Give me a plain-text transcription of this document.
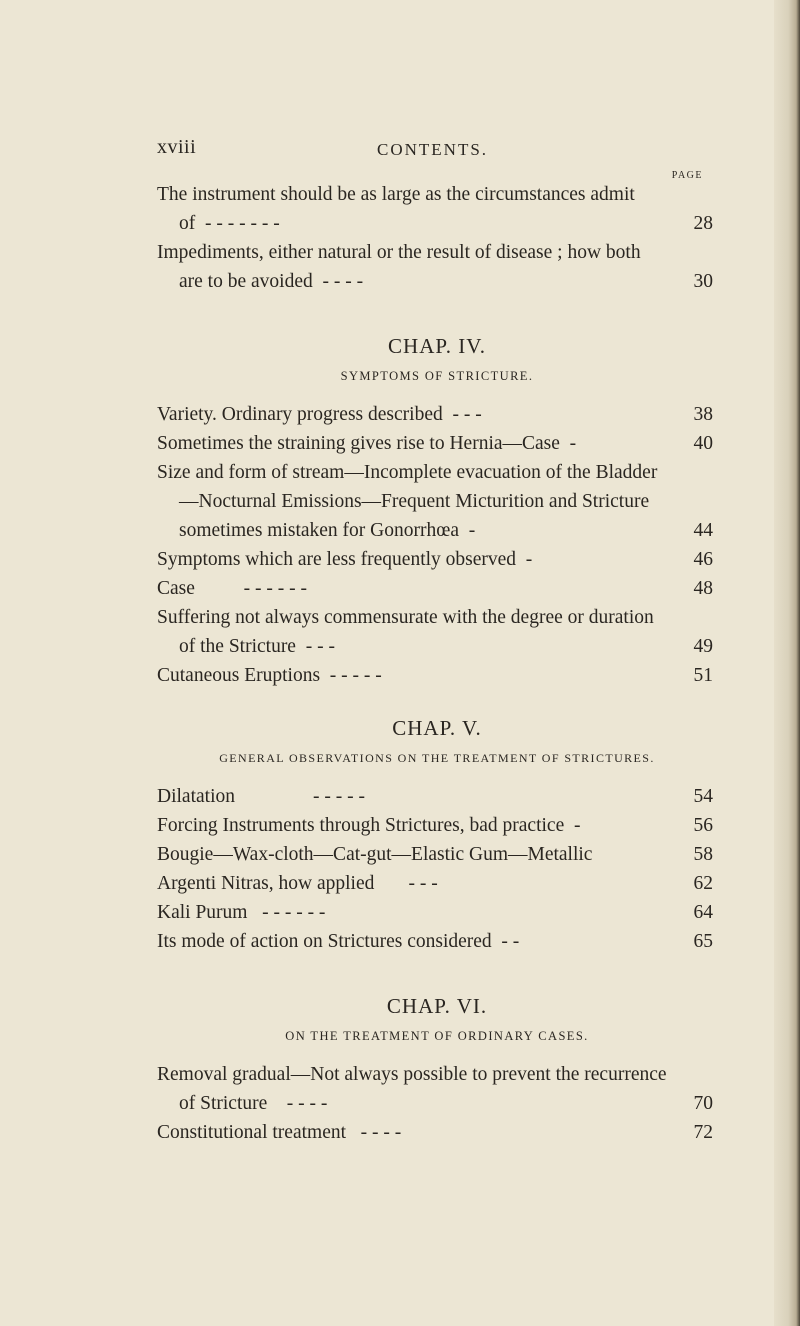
xviii	CONTENTS.
PAGE
The instrument should be as large as the circumstances admit of - - - - - - -	28
Impediments, either natural or the result of disease ; how both are to be avoided - - - -	30
CHAP. IV.
SYMPTOMS OF STRICTURE.
Variety. Ordinary progress described - - -	38
Sometimes the straining gives rise to Hernia—Case -	40
Size and form of stream—Incomplete evacuation of the Bladder—Nocturnal Emissions—Frequent Micturition and Stricture sometimes mistaken for Gonorrhœa -	44
Symptoms which are less frequently observed -	46
Case	- - - - - -	48
Suffering not always commensurate with the degree or duration of the Stricture - - -	49
Cutaneous Eruptions - - - - -	51
CHAP. V.
GENERAL OBSERVATIONS ON THE TREATMENT OF STRICTURES.
Dilatation	- - - - -	54
Forcing Instruments through Strictures, bad practice -	56
Bougie—Wax-cloth—Cat-gut—Elastic Gum—Metallic	58
Argenti Nitras, how applied - - -	62
Kali Purum - - - - - -	64
Its mode of action on Strictures considered - -	65
CHAP. VI.
ON THE TREATMENT OF ORDINARY CASES.
Removal gradual—Not always possible to prevent the recurrence of Stricture - - - -	70
Constitutional treatment - - - -	72
